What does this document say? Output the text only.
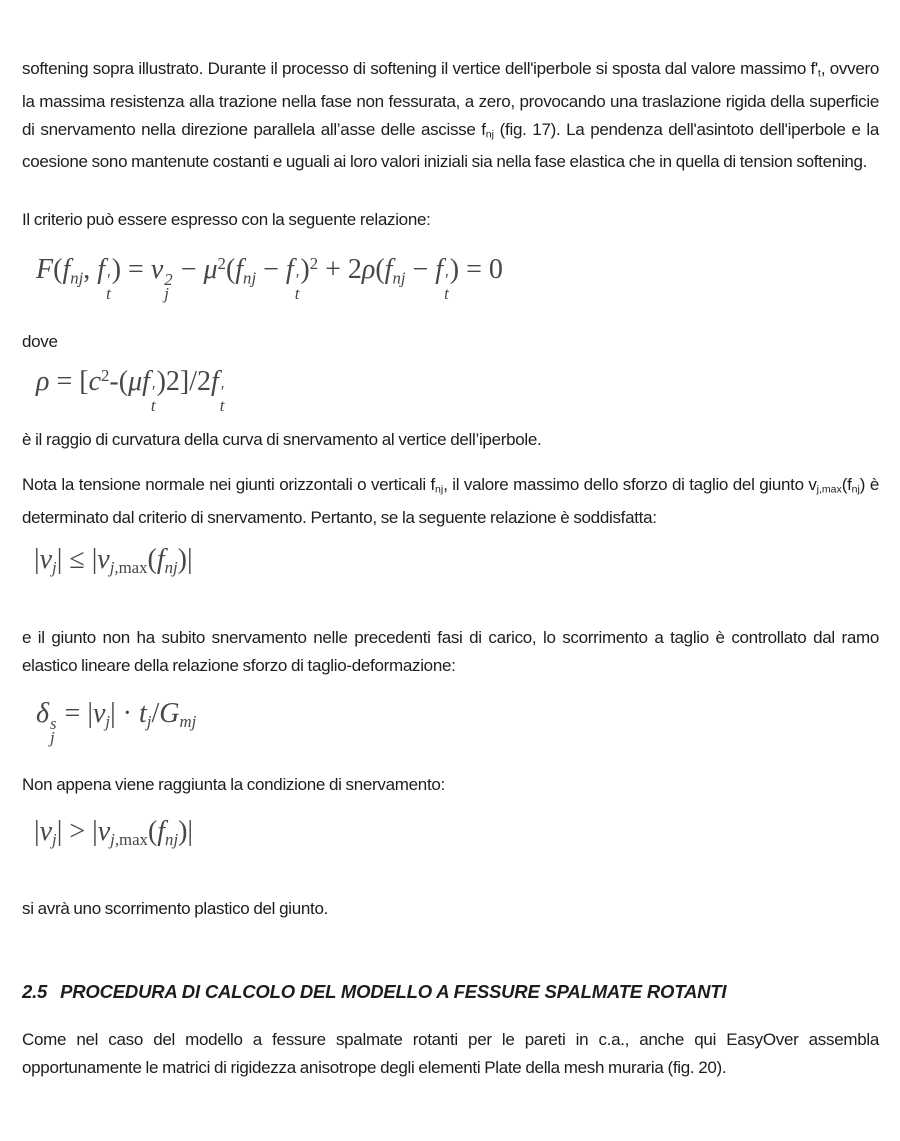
softening sopra illustrato. Durante il processo di softening il vertice dell'iperbole si sposta dal valore massimo f't, ovvero la massima resistenza alla trazione nella fase non fessurata, a zero, provocando una traslazione rigida della superficie di snervamento nella direzione parallela all’asse delle ascisse fnj (fig. 17). La pendenza dell'asintoto dell'iperbole e la coesione sono mantenute costanti e uguali ai loro valori iniziali sia nella fase elastica che in quella di tension softening.

Il criterio può essere espresso con la seguente relazione:

F(fnj, f ′
t
) = v 2
j
− $\mu^2(fnj - f$ ′
t
)$^2$ + 2ρ(fnj − f ′
t
) = 0

dove

$\rho = [c^2-(\mu f$ ′
t
)2]/2f ′
t

è il raggio di curvatura della curva di snervamento al vertice dell’iperbole.

Nota la tensione normale nei giunti orizzontali o verticali fnj, il valore massimo dello sforzo di taglio del giunto vj,max(fnj) è determinato dal criterio di snervamento. Pertanto, se la seguente relazione è soddisfatta:

|vj| ≤ |vj,max(fnj)|

e il giunto non ha subito snervamento nelle precedenti fasi di carico, lo scorrimento a taglio è controllato dal ramo elastico lineare della relazione sforzo di taglio-deformazione:

δ s
j
= |vj| · tj/Gmj

Non appena viene raggiunta la condizione di snervamento:

|vj| > |vj,max(fnj)|

si avrà uno scorrimento plastico del giunto.

2.5 PROCEDURA DI CALCOLO DEL MODELLO A FESSURE SPALMATE ROTANTI

Come nel caso del modello a fessure spalmate rotanti per le pareti in c.a., anche qui EasyOver assembla opportunamente le matrici di rigidezza anisotrope degli elementi Plate della mesh muraria (fig. 20).
